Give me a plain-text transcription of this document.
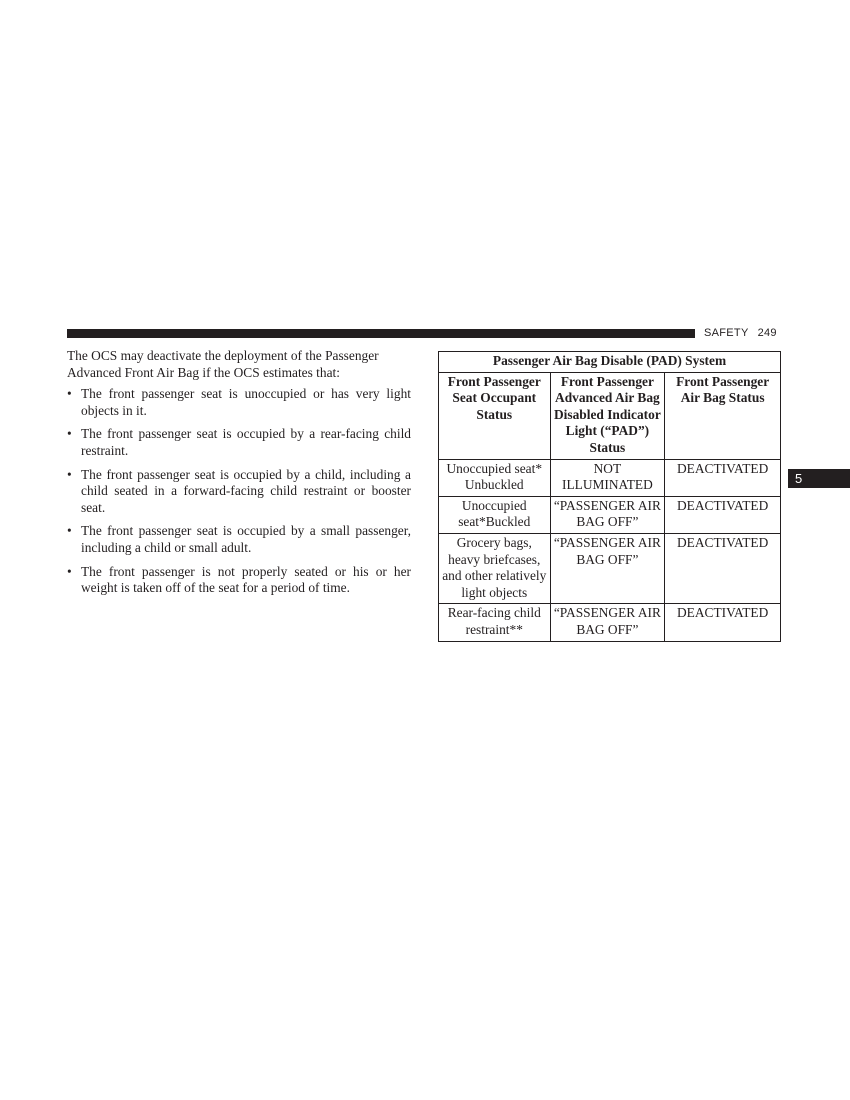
SAFETY 249
5

The OCS may deactivate the deployment of the Passenger Advanced Front Air Bag if the OCS estimates that:

• The front passenger seat is unoccupied or has very light objects in it.
• The front passenger seat is occupied by a rear-facing child restraint.
• The front passenger seat is occupied by a child, including a child seated in a forward-facing child restraint or booster seat.
• The front passenger seat is occupied by a small passenger, including a child or small adult.
• The front passenger is not properly seated or his or her weight is taken off of the seat for a period of time.
Passenger Air Bag Disable (PAD) System		
Front Passenger Seat Occupant Status	Front Passenger Advanced Air Bag Disabled Indicator Light (“PAD”) Status	Front Passenger Air Bag Status
Unoccupied seat* Unbuckled	NOT ILLUMINATED	DEACTIVATED
Unoccupied seat*Buckled	“PASSENGER AIR BAG OFF”	DEACTIVATED
Grocery bags, heavy briefcases, and other relatively light objects	“PASSENGER AIR BAG OFF”	DEACTIVATED
Rear-facing child restraint**	“PASSENGER AIR BAG OFF”	DEACTIVATED
